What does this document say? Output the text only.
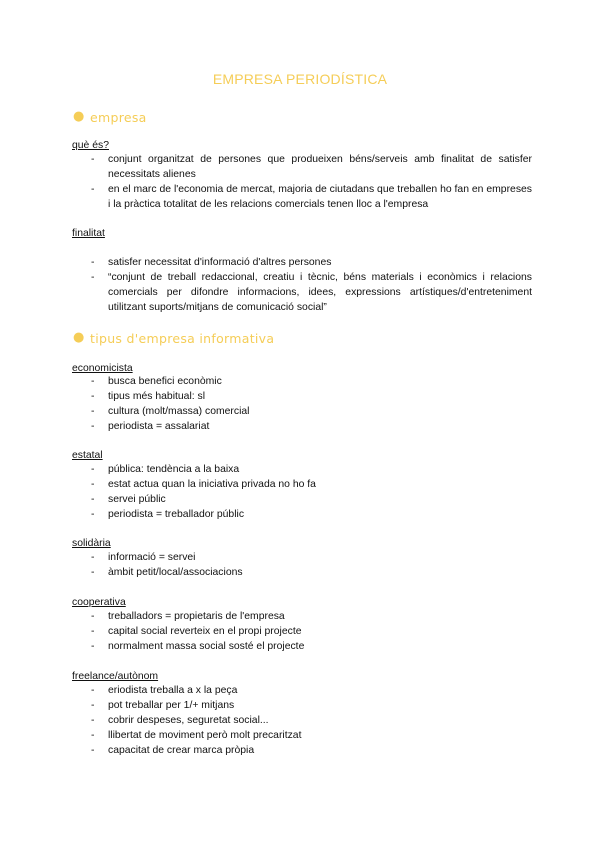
EMPRESA PERIODÍSTICA
● empresa
què és?
- conjunt organitzat de persones que produeixen béns/serveis amb finalitat de satisfer necessitats alienes
- en el marc de l'economia de mercat, majoria de ciutadans que treballen ho fan en empreses i la pràctica totalitat de les relacions comercials tenen lloc a l'empresa
finalitat
- satisfer necessitat d'informació d'altres persones
- “conjunt de treball redaccional, creatiu i tècnic, béns materials i econòmics i relacions comercials per difondre informacions, idees, expressions artístiques/d'entreteniment utilitzant suports/mitjans de comunicació social”
● tipus d'empresa informativa
economicista
- busca benefici econòmic
- tipus més habitual: sl
- cultura (molt/massa) comercial
- periodista = assalariat
estatal
- pública: tendència a la baixa
- estat actua quan la iniciativa privada no ho fa
- servei públic
- periodista = treballador públic
solidària
- informació = servei
- àmbit petit/local/associacions
cooperativa
- treballadors = propietaris de l'empresa
- capital social reverteix en el propi projecte
- normalment massa social sosté el projecte
freelance/autònom
- eriodista treballa a x la peça
- pot treballar per 1/+ mitjans
- cobrir despeses, seguretat social...
- llibertat de moviment però molt precaritzat
- capacitat de crear marca pròpia
